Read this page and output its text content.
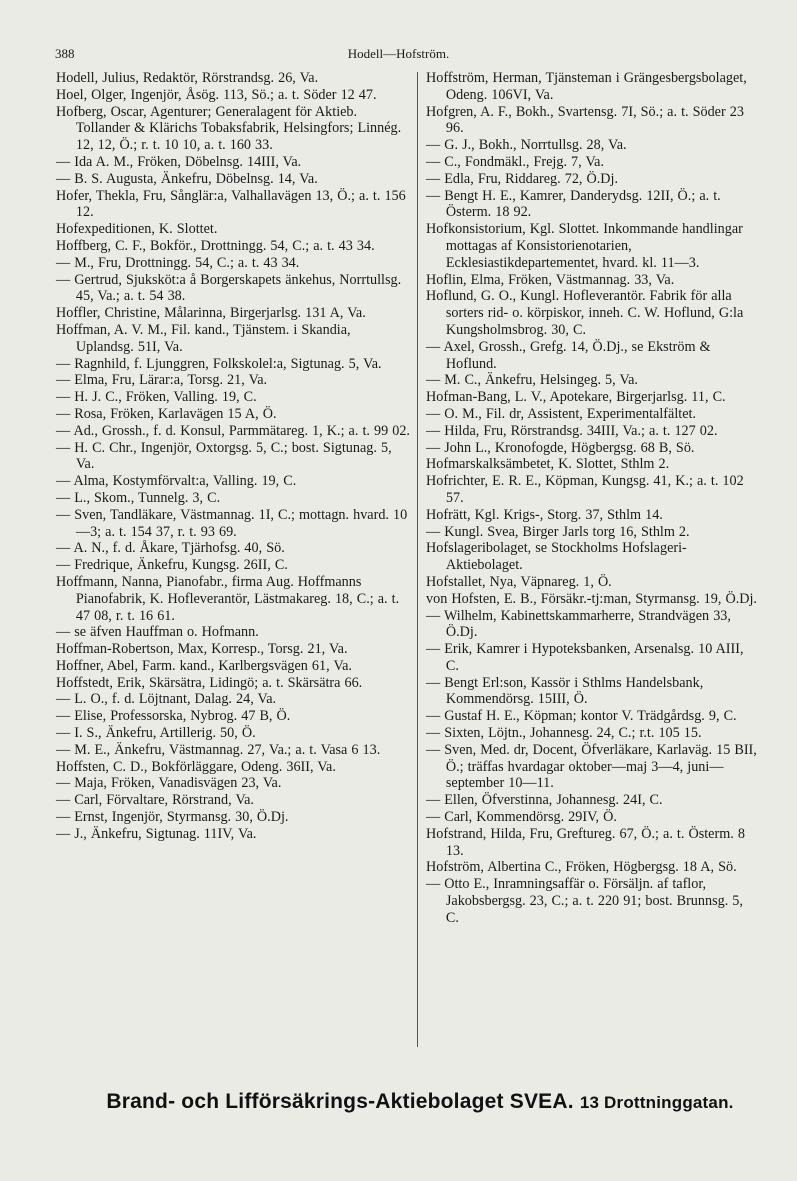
388	Hodell—Hofström.

Hodell, Julius, Redaktör, Rörstrandsg. 26, Va.

Hoel, Olger, Ingenjör, Åsög. 113, Sö.; a. t. Söder 12 47.

Hofberg, Oscar, Agenturer; Generalagent för Aktieb. Tollander & Klärichs Tobaksfabrik, Helsingfors; Linnég. 12, 12, Ö.; r. t. 10 10, a. t. 160 33.

— Ida A. M., Fröken, Döbelnsg. 14III, Va.

— B. S. Augusta, Änkefru, Döbelnsg. 14, Va.

Hofer, Thekla, Fru, Sånglär:a, Valhallavägen 13, Ö.; a. t. 156 12.

Hofexpeditionen, K. Slottet.

Hoffberg, C. F., Bokför., Drottningg. 54, C.; a. t. 43 34.

— M., Fru, Drottningg. 54, C.; a. t. 43 34.

— Gertrud, Sjuksköt:a å Borgerskapets änkehus, Norrtullsg. 45, Va.; a. t. 54 38.

Hoffler, Christine, Målarinna, Birgerjarlsg. 131 A, Va.

Hoffman, A. V. M., Fil. kand., Tjänstem. i Skandia, Uplandsg. 51I, Va.

— Ragnhild, f. Ljunggren, Folkskolel:a, Sigtunag. 5, Va.

— Elma, Fru, Lärar:a, Torsg. 21, Va.

— H. J. C., Fröken, Valling. 19, C.

— Rosa, Fröken, Karlavägen 15 A, Ö.

— Ad., Grossh., f. d. Konsul, Parmmätareg. 1, K.; a. t. 99 02.

— H. C. Chr., Ingenjör, Oxtorgsg. 5, C.; bost. Sigtunag. 5, Va.

— Alma, Kostymförvalt:a, Valling. 19, C.

— L., Skom., Tunnelg. 3, C.

— Sven, Tandläkare, Västmannag. 1I, C.; mottagn. hvard. 10—3; a. t. 154 37, r. t. 93 69.

— A. N., f. d. Åkare, Tjärhofsg. 40, Sö.

— Fredrique, Änkefru, Kungsg. 26II, C.

Hoffmann, Nanna, Pianofabr., firma Aug. Hoffmanns Pianofabrik, K. Hofleverantör, Lästmakareg. 18, C.; a. t. 47 08, r. t. 16 61.

— se äfven Hauffman o. Hofmann.

Hoffman-Robertson, Max, Korresp., Torsg. 21, Va.

Hoffner, Abel, Farm. kand., Karlbergsvägen 61, Va.

Hoffstedt, Erik, Skärsätra, Lidingö; a. t. Skärsätra 66.

— L. O., f. d. Löjtnant, Dalag. 24, Va.

— Elise, Professorska, Nybrog. 47 B, Ö.

— I. S., Änkefru, Artillerig. 50, Ö.

— M. E., Änkefru, Västmannag. 27, Va.; a. t. Vasa 6 13.

Hoffsten, C. D., Bokförläggare, Odeng. 36II, Va.

— Maja, Fröken, Vanadisvägen 23, Va.

— Carl, Förvaltare, Rörstrand, Va.

— Ernst, Ingenjör, Styrmansg. 30, Ö.Dj.

— J., Änkefru, Sigtunag. 11IV, Va.

Hoffström, Herman, Tjänsteman i Grängesbergsbolaget, Odeng. 106VI, Va.

Hofgren, A. F., Bokh., Svartensg. 7I, Sö.; a. t. Söder 23 96.

— G. J., Bokh., Norrtullsg. 28, Va.

— C., Fondmäkl., Frejg. 7, Va.

— Edla, Fru, Riddareg. 72, Ö.Dj.

— Bengt H. E., Kamrer, Danderydsg. 12II, Ö.; a. t. Österm. 18 92.

Hofkonsistorium, Kgl. Slottet. Inkommande handlingar mottagas af Konsistorienotarien, Ecklesiastikdepartementet, hvard. kl. 11—3.

Hoflin, Elma, Fröken, Västmannag. 33, Va.

Hoflund, G. O., Kungl. Hofleverantör. Fabrik för alla sorters rid- o. körpiskor, inneh. C. W. Hoflund, G:la Kungsholmsbrog. 30, C.

— Axel, Grossh., Grefg. 14, Ö.Dj., se Ekström & Hoflund.

— M. C., Änkefru, Helsingeg. 5, Va.

Hofman-Bang, L. V., Apotekare, Birgerjarlsg. 11, C.

— O. M., Fil. dr, Assistent, Experimentalfältet.

— Hilda, Fru, Rörstrandsg. 34III, Va.; a. t. 127 02.

— John L., Kronofogde, Högbergsg. 68 B, Sö.

Hofmarskalksämbetet, K. Slottet, Sthlm 2.

Hofrichter, E. R. E., Köpman, Kungsg. 41, K.; a. t. 102 57.

Hofrätt, Kgl. Krigs-, Storg. 37, Sthlm 14.

— Kungl. Svea, Birger Jarls torg 16, Sthlm 2.

Hofslageribolaget, se Stockholms Hofslageri-Aktiebolaget.

Hofstallet, Nya, Väpnareg. 1, Ö.

von Hofsten, E. B., Försäkr.-tj:man, Styrmansg. 19, Ö.Dj.

— Wilhelm, Kabinettskammarherre, Strandvägen 33, Ö.Dj.

— Erik, Kamrer i Hypoteksbanken, Arsenalsg. 10 AIII, C.

— Bengt Erl:son, Kassör i Sthlms Handelsbank, Kommendörsg. 15III, Ö.

— Gustaf H. E., Köpman; kontor V. Trädgårdsg. 9, C.

— Sixten, Löjtn., Johannesg. 24, C.; r.t. 105 15.

— Sven, Med. dr, Docent, Öfverläkare, Karlaväg. 15 BII, Ö.; träffas hvardagar oktober—maj 3—4, juni—september 10—11.

— Ellen, Öfverstinna, Johannesg. 24I, C.

— Carl, Kommendörsg. 29IV, Ö.

Hofstrand, Hilda, Fru, Greftureg. 67, Ö.; a. t. Österm. 8 13.

Hofström, Albertina C., Fröken, Högbergsg. 18 A, Sö.

— Otto E., Inramningsaffär o. Försäljn. af taflor, Jakobsbergsg. 23, C.; a. t. 220 91; bost. Brunnsg. 5, C.

Brand- och Lifförsäkrings-Aktiebolaget SVEA. 13 Drottninggatan.
